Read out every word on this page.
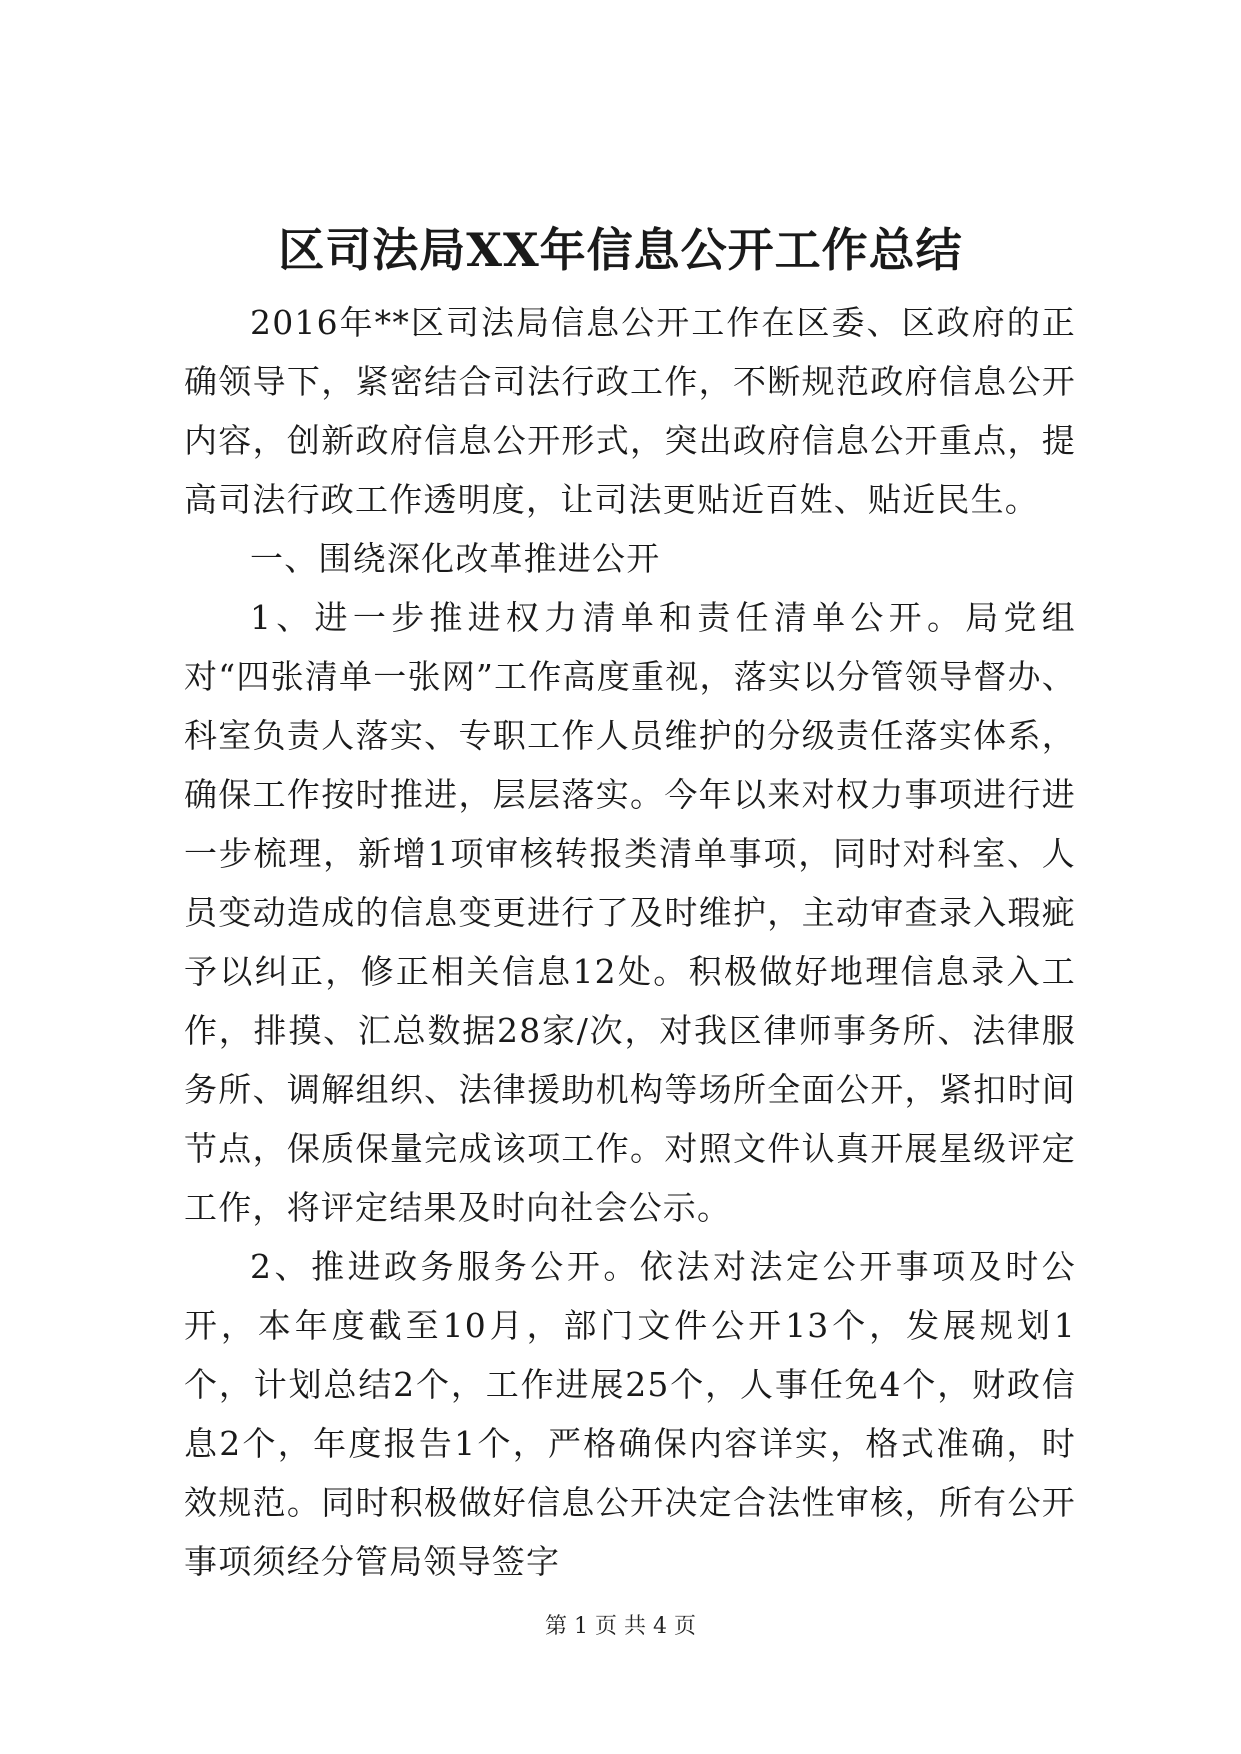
区司法局XX年信息公开工作总结

2016年**区司法局信息公开工作在区委、区政府的正确领导下，紧密结合司法行政工作，不断规范政府信息公开内容，创新政府信息公开形式，突出政府信息公开重点，提高司法行政工作透明度，让司法更贴近百姓、贴近民生。

一、围绕深化改革推进公开

1、进一步推进权力清单和责任清单公开。局党组对“四张清单一张网”工作高度重视，落实以分管领导督办、科室负责人落实、专职工作人员维护的分级责任落实体系，确保工作按时推进，层层落实。今年以来对权力事项进行进一步梳理，新增1项审核转报类清单事项，同时对科室、人员变动造成的信息变更进行了及时维护，主动审查录入瑕疵予以纠正，修正相关信息12处。积极做好地理信息录入工作，排摸、汇总数据28家/次，对我区律师事务所、法律服务所、调解组织、法律援助机构等场所全面公开，紧扣时间节点，保质保量完成该项工作。对照文件认真开展星级评定工作，将评定结果及时向社会公示。

2、推进政务服务公开。依法对法定公开事项及时公开，本年度截至10月，部门文件公开13个，发展规划1个，计划总结2个，工作进展25个，人事任免4个，财政信息2个，年度报告1个，严格确保内容详实，格式准确，时效规范。同时积极做好信息公开决定合法性审核，所有公开事项须经分管局领导签字

第 1 页 共 4 页
